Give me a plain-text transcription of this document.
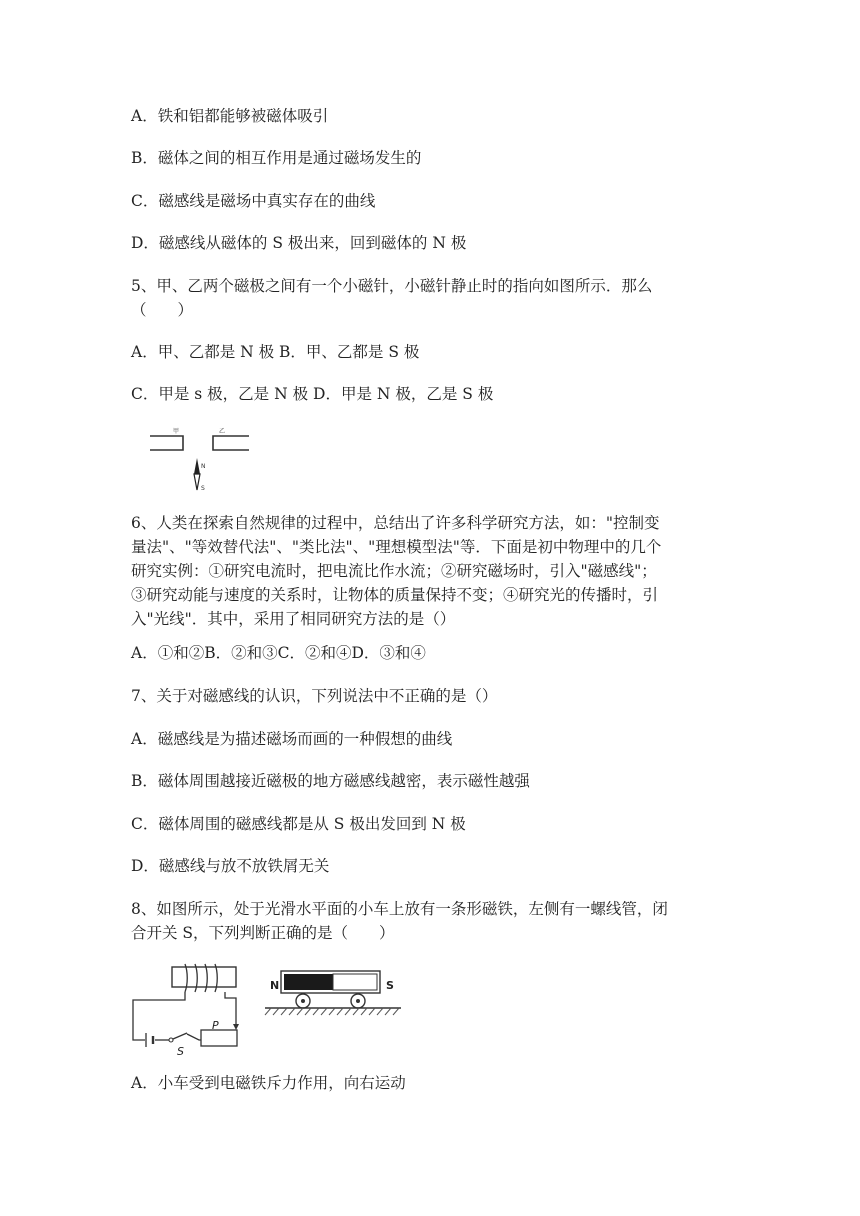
A．铁和铝都能够被磁体吸引
B．磁体之间的相互作用是通过磁场发生的
C．磁感线是磁场中真实存在的曲线
D．磁感线从磁体的 S 极出来，回到磁体的 N 极
5、甲、乙两个磁极之间有一个小磁针，小磁针静止时的指向如图所示．那么
（　　）
A．甲、乙都是 N 极 B．甲、乙都是 S 极
C．甲是 s 极，乙是 N 极 D．甲是 N 极，乙是 S 极
甲	乙
N
S
6、人类在探索自然规律的过程中，总结出了许多科学研究方法，如："控制变
量法"、"等效替代法"、"类比法"、"理想模型法"等．下面是初中物理中的几个
研究实例：①研究电流时，把电流比作水流；②研究磁场时，引入"磁感线"；
③研究动能与速度的关系时，让物体的质量保持不变；④研究光的传播时，引
入"光线"．其中，采用了相同研究方法的是（）
A．①和②B．②和③C．②和④D．③和④
7、关于对磁感线的认识，下列说法中不正确的是（）
A．磁感线是为描述磁场而画的一种假想的曲线
B．磁体周围越接近磁极的地方磁感线越密，表示磁性越强
C．磁体周围的磁感线都是从 S 极出发回到 N 极
D．磁感线与放不放铁屑无关
8、如图所示，处于光滑水平面的小车上放有一条形磁铁，左侧有一螺线管，闭
合开关 S，下列判断正确的是（　　）
S
P
N	S
A．小车受到电磁铁斥力作用，向右运动
